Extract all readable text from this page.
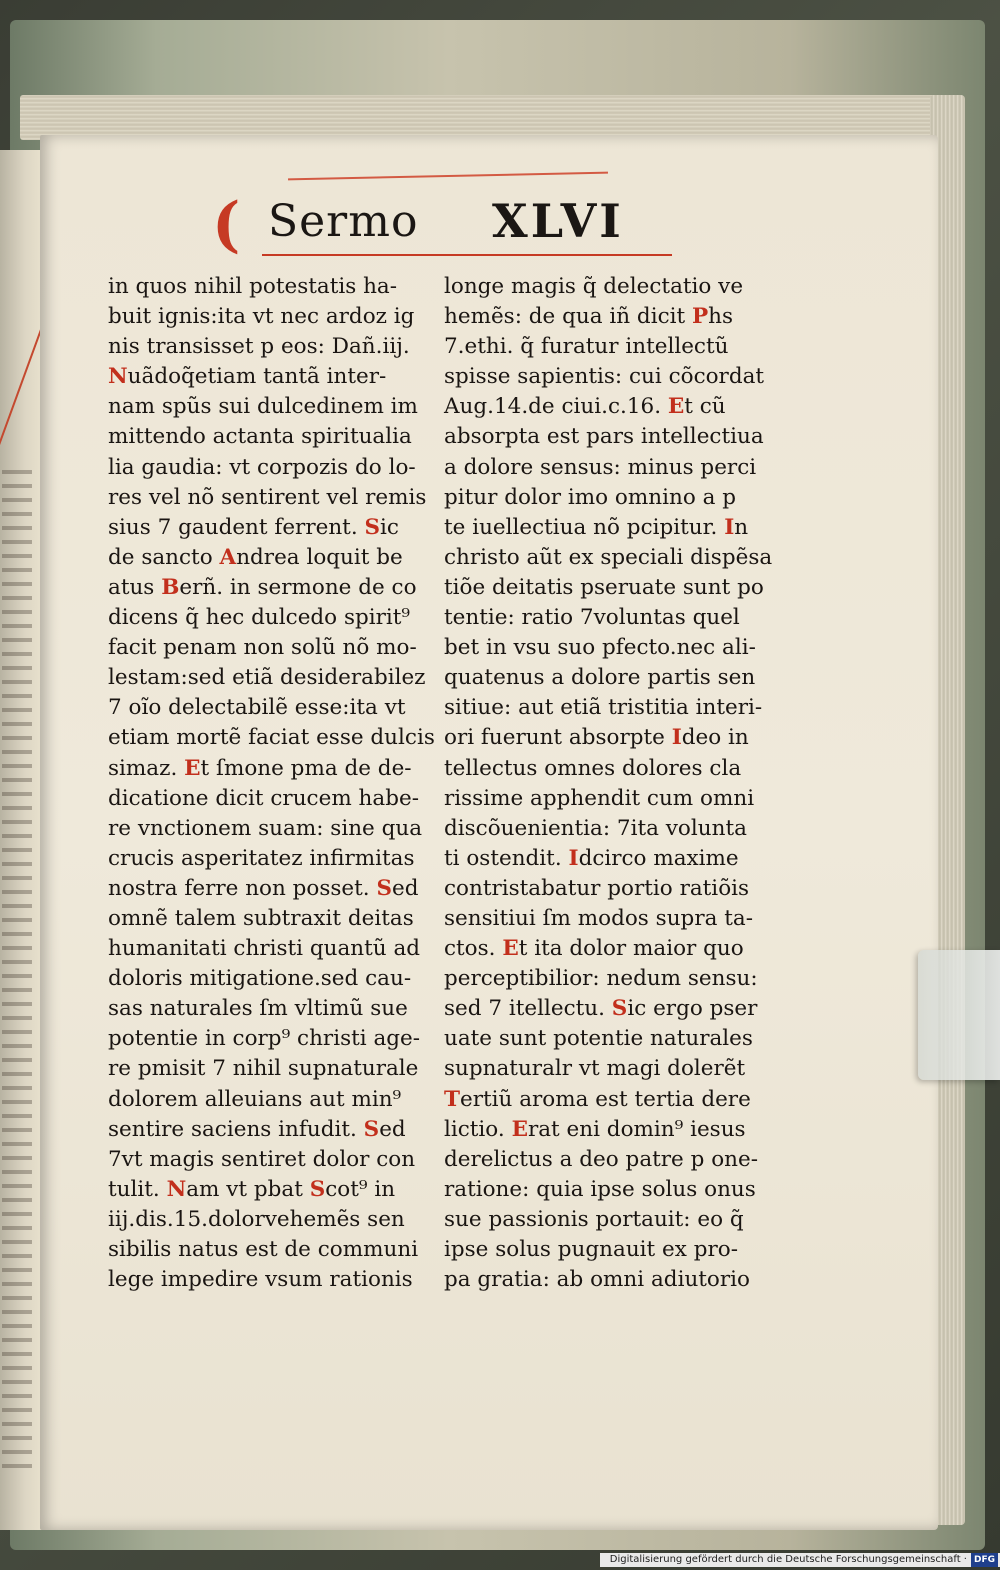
( Sermo XLVI
in quos nihil potestatis ha-
buit ignis:ita vt nec ardoz ig
nis transisset p eos: Dañ.iij.
Nuãdoq̃etiam tantã inter-
nam spũs sui dulcedinem im
mittendo actanta spiritualia
lia gaudia: vt corpozis do lo-
res vel nõ sentirent vel remis
sius 7 gaudent ferrent. Sic
de sancto Andrea loquit be
atus Berñ. in sermone de co
dicens q̃ hec dulcedo spirit⁹
facit penam non solũ nõ mo-
lestam:sed etiã desiderabilez
7 oĩo delectabilẽ esse:ita vt
etiam mortẽ faciat esse dulcis
simaz. Et ſmone pma de de-
dicatione dicit crucem habe-
re vnctionem suam: sine qua
crucis asperitatez infirmitas
nostra ferre non posset. Sed
omnẽ talem subtraxit deitas
humanitati christi quantũ ad
doloris mitigatione.sed cau-
sas naturales ſm vltimũ sue
potentie in corp⁹ christi age-
re pmisit 7 nihil supnaturale
dolorem alleuians aut min⁹
sentire saciens infudit. Sed
7vt magis sentiret dolor con
tulit. Nam vt pbat Scot⁹ in
iij.dis.15.dolorvehemẽs sen
sibilis natus est de communi
lege impedire vsum rationis
longe magis q̃ delectatio ve
hemẽs: de qua iñ dicit Phs
7.ethi. q̃ furatur intellectũ
spisse sapientis: cui cõcordat
Aug.14.de ciui.c.16. Et cũ
absorpta est pars intellectiua
a dolore sensus: minus perci
pitur dolor imo omnino a p
te iuellectiua nõ pcipitur. In
christo aũt ex speciali dispẽsa
tiõe deitatis pseruate sunt po
tentie: ratio 7voluntas quel
bet in vsu suo pfecto.nec ali-
quatenus a dolore partis sen
sitiue: aut etiã tristitia interi-
ori fuerunt absorpte Ideo in
tellectus omnes dolores cla
rissime apphendit cum omni
discõuenientia: 7ita volunta
ti ostendit. Idcirco maxime
contristabatur portio ratiõis
sensitiui ſm modos supra ta-
ctos. Et ita dolor maior quo
perceptibilior: nedum sensu:
sed 7 itellectu. Sic ergo pser
uate sunt potentie naturales
supnaturalr vt magi dolerẽt
Tertiũ aroma est tertia dere
lictio. Erat eni domin⁹ iesus
derelictus a deo patre p one-
ratione: quia ipse solus onus
sue passionis portauit: eo q̃
ipse solus pugnauit ex pro-
pa gratia: ab omni adiutorio
Digitalisierung gefördert durch die Deutsche Forschungsgemeinschaft · DFG
